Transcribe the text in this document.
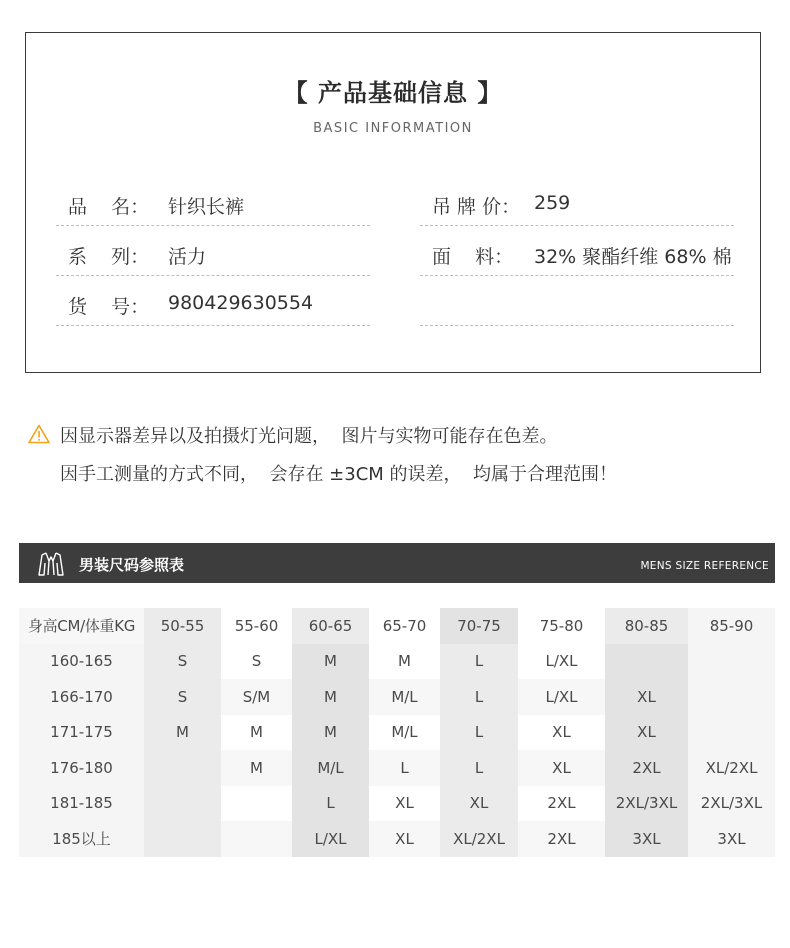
【 产品基础信息 】
BASIC INFORMATION
品    名： 针织长裤
系    列： 活力
货    号： 980429630554
吊 牌 价： 259
面    料： 32% 聚酯纤维 68% 棉

因显示器差异以及拍摄灯光问题，  图片与实物可能存在色差。

因手工测量的方式不同，  会存在 ±3CM 的误差，  均属于合理范围！
男装尺码参照表	MENS SIZE REFERENCE
身高CM/体重KG	50-55	55-60	60-65	65-70	70-75	75-80	80-85	85-90
160-165	S	S	M	M	L	L/XL		
166-170	S	S/M	M	M/L	L	L/XL	XL	
171-175	M	M	M	M/L	L	XL	XL	
176-180		M	M/L	L	L	XL	2XL	XL/2XL
181-185			L	XL	XL	2XL	2XL/3XL	2XL/3XL
185以上			L/XL	XL	XL/2XL	2XL	3XL	3XL
